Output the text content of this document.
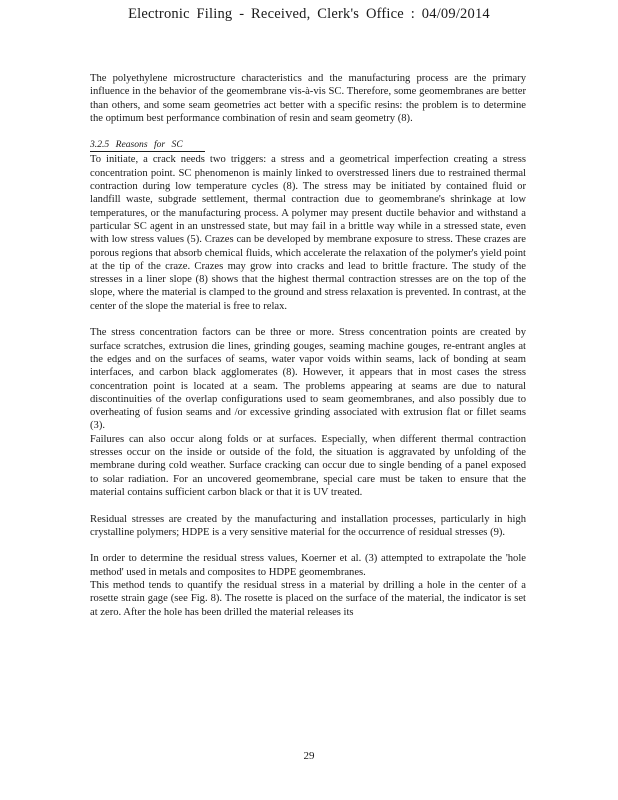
Electronic Filing - Received, Clerk's Office : 04/09/2014

The polyethylene microstructure characteristics and the manufacturing process are the primary influence in the behavior of the geomembrane vis-à-vis SC. Therefore, some geomembranes are better than others, and some seam geometries act better with a specific resins: the problem is to determine the optimum best performance combination of resin and seam geometry (8).

3.2.5 Reasons for SC

To initiate, a crack needs two triggers: a stress and a geometrical imperfection creating a stress concentration point. SC phenomenon is mainly linked to overstressed liners due to restrained thermal contraction during low temperature cycles (8). The stress may be initiated by contained fluid or landfill waste, subgrade settlement, thermal contraction due to geomembrane's shrinkage at low temperatures, or the manufacturing process. A polymer may present ductile behavior and withstand a particular SC agent in an unstressed state, but may fail in a brittle way while in a stressed state, even with low stress values (5). Crazes can be developed by membrane exposure to stress. These crazes are porous regions that absorb chemical fluids, which accelerate the relaxation of the polymer's yield point at the tip of the craze. Crazes may grow into cracks and lead to brittle fracture. The study of the stresses in a liner slope (8) shows that the highest thermal contraction stresses are on the top of the slope, where the material is clamped to the ground and stress relaxation is prevented. In contrast, at the center of the slope the material is free to relax.

The stress concentration factors can be three or more. Stress concentration points are created by surface scratches, extrusion die lines, grinding gouges, seaming machine gouges, re-entrant angles at the edges and on the surfaces of seams, water vapor voids within seams, lack of bonding at seam interfaces, and carbon black agglomerates (8). However, it appears that in most cases the stress concentration point is located at a seam. The problems appearing at seams are due to natural discontinuities of the overlap configurations used to seam geomembranes, and also possibly due to overheating of fusion seams and /or excessive grinding associated with extrusion flat or fillet seams (3).

Failures can also occur along folds or at surfaces. Especially, when different thermal contraction stresses occur on the inside or outside of the fold, the situation is aggravated by unfolding of the membrane during cold weather. Surface cracking can occur due to single bending of a panel exposed to solar radiation. For an uncovered geomembrane, special care must be taken to ensure that the material contains sufficient carbon black or that it is UV treated.

Residual stresses are created by the manufacturing and installation processes, particularly in high crystalline polymers; HDPE is a very sensitive material for the occurrence of residual stresses (9).

In order to determine the residual stress values, Koerner et al. (3) attempted to extrapolate the 'hole method' used in metals and composites to HDPE geomembranes.

This method tends to quantify the residual stress in a material by drilling a hole in the center of a rosette strain gage (see Fig. 8). The rosette is placed on the surface of the material, the indicator is set at zero. After the hole has been drilled the material releases its

29
